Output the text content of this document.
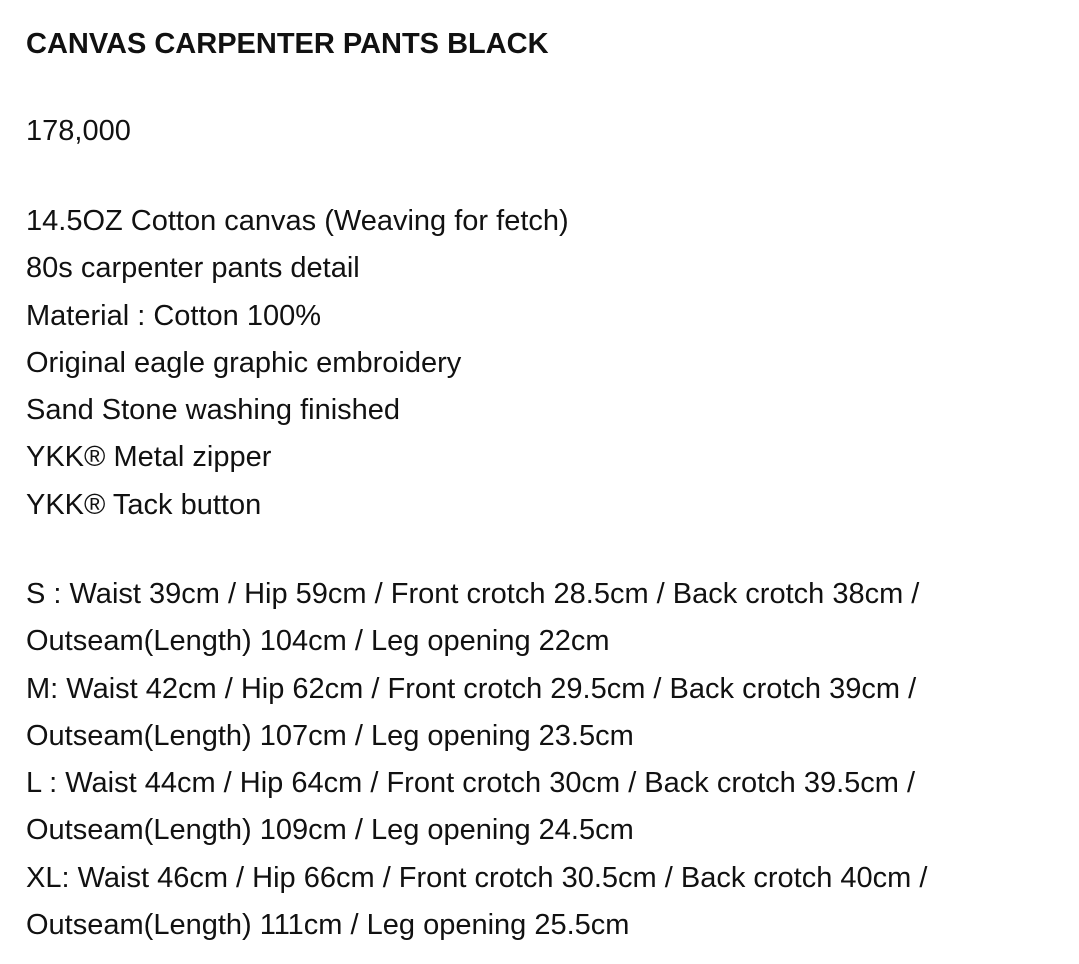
CANVAS CARPENTER PANTS BLACK

178,000

14.5OZ Cotton canvas (Weaving for fetch)
80s carpenter pants detail
Material : Cotton 100%
Original eagle graphic embroidery
Sand Stone washing finished
YKK® Metal zipper
YKK® Tack button
S : Waist 39cm / Hip 59cm / Front crotch 28.5cm / Back crotch 38cm /
Outseam(Length) 104cm / Leg opening 22cm
M: Waist 42cm / Hip 62cm / Front crotch 29.5cm / Back crotch 39cm /
Outseam(Length) 107cm / Leg opening 23.5cm
L : Waist 44cm / Hip 64cm / Front crotch 30cm / Back crotch 39.5cm /
Outseam(Length) 109cm / Leg opening 24.5cm
XL: Waist 46cm / Hip 66cm / Front crotch 30.5cm / Back crotch 40cm /
Outseam(Length) 111cm / Leg opening 25.5cm
